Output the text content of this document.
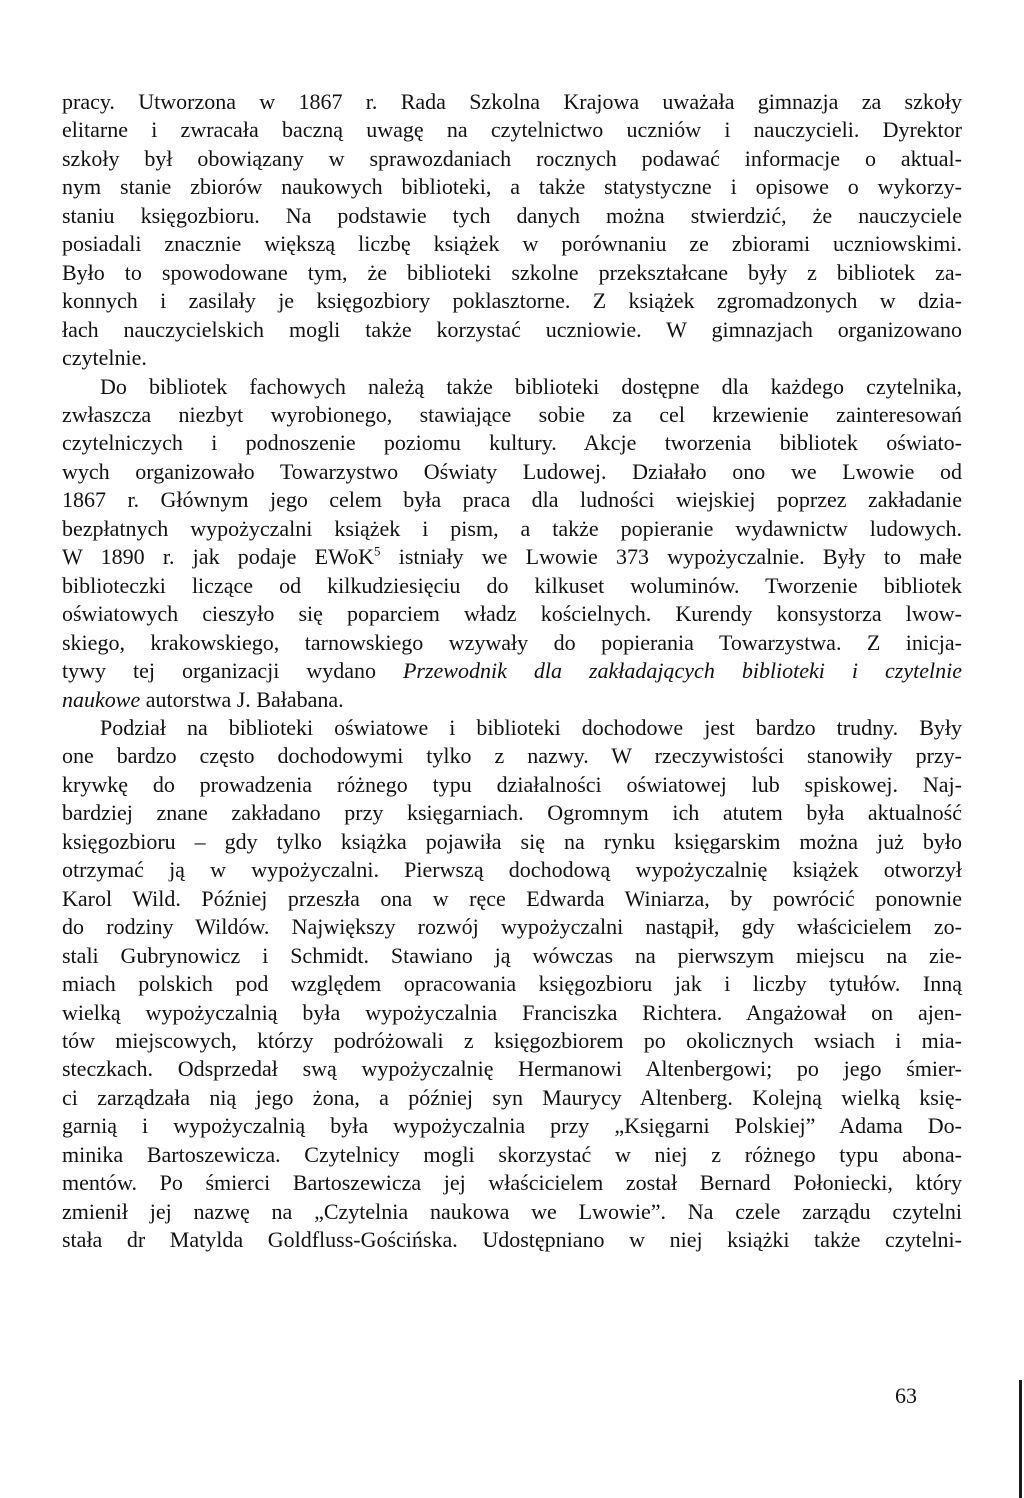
pracy. Utworzona w 1867 r. Rada Szkolna Krajowa uważała gimnazja za szkoły
elitarne i zwracała baczną uwagę na czytelnictwo uczniów i nauczycieli. Dyrektor
szkoły był obowiązany w sprawozdaniach rocznych podawać informacje o aktual-
nym stanie zbiorów naukowych biblioteki, a także statystyczne i opisowe o wykorzy-
staniu księgozbioru. Na podstawie tych danych można stwierdzić, że nauczyciele
posiadali znacznie większą liczbę książek w porównaniu ze zbiorami uczniowskimi.
Było to spowodowane tym, że biblioteki szkolne przekształcane były z bibliotek za-
konnych i zasilały je księgozbiory poklasztorne. Z książek zgromadzonych w dzia-
łach nauczycielskich mogli także korzystać uczniowie. W gimnazjach organizowano
czytelnie.

Do bibliotek fachowych należą także biblioteki dostępne dla każdego czytelnika,
zwłaszcza niezbyt wyrobionego, stawiające sobie za cel krzewienie zainteresowań
czytelniczych i podnoszenie poziomu kultury. Akcje tworzenia bibliotek oświato-
wych organizowało Towarzystwo Oświaty Ludowej. Działało ono we Lwowie od
1867 r. Głównym jego celem była praca dla ludności wiejskiej poprzez zakładanie
bezpłatnych wypożyczalni książek i pism, a także popieranie wydawnictw ludowych.
W 1890 r. jak podaje EWoK$^5$ istniały we Lwowie 373 wypożyczalnie. Były to małe
biblioteczki liczące od kilkudziesięciu do kilkuset woluminów. Tworzenie bibliotek
oświatowych cieszyło się poparciem władz kościelnych. Kurendy konsystorza lwow-
skiego, krakowskiego, tarnowskiego wzywały do popierania Towarzystwa. Z inicja-
tywy tej organizacji wydano Przewodnik dla zakładających biblioteki i czytelnie
naukowe autorstwa J. Bałabana.

Podział na biblioteki oświatowe i biblioteki dochodowe jest bardzo trudny. Były
one bardzo często dochodowymi tylko z nazwy. W rzeczywistości stanowiły przy-
krywkę do prowadzenia różnego typu działalności oświatowej lub spiskowej. Naj-
bardziej znane zakładano przy księgarniach. Ogromnym ich atutem była aktualność
księgozbioru – gdy tylko książka pojawiła się na rynku księgarskim można już było
otrzymać ją w wypożyczalni. Pierwszą dochodową wypożyczalnię książek otworzył
Karol Wild. Później przeszła ona w ręce Edwarda Winiarza, by powrócić ponownie
do rodziny Wildów. Największy rozwój wypożyczalni nastąpił, gdy właścicielem zo-
stali Gubrynowicz i Schmidt. Stawiano ją wówczas na pierwszym miejscu na zie-
miach polskich pod względem opracowania księgozbioru jak i liczby tytułów. Inną
wielką wypożyczalnią była wypożyczalnia Franciszka Richtera. Angażował on ajen-
tów miejscowych, którzy podróżowali z księgozbiorem po okolicznych wsiach i mia-
steczkach. Odsprzedał swą wypożyczalnię Hermanowi Altenbergowi; po jego śmier-
ci zarządzała nią jego żona, a później syn Maurycy Altenberg. Kolejną wielką księ-
garnią i wypożyczalnią była wypożyczalnia przy „Księgarni Polskiej” Adama Do-
minika Bartoszewicza. Czytelnicy mogli skorzystać w niej z różnego typu abona-
mentów. Po śmierci Bartoszewicza jej właścicielem został Bernard Połoniecki, który
zmienił jej nazwę na „Czytelnia naukowa we Lwowie”. Na czele zarządu czytelni
stała dr Matylda Goldfluss-Gościńska. Udostępniano w niej książki także czytelni-

63
